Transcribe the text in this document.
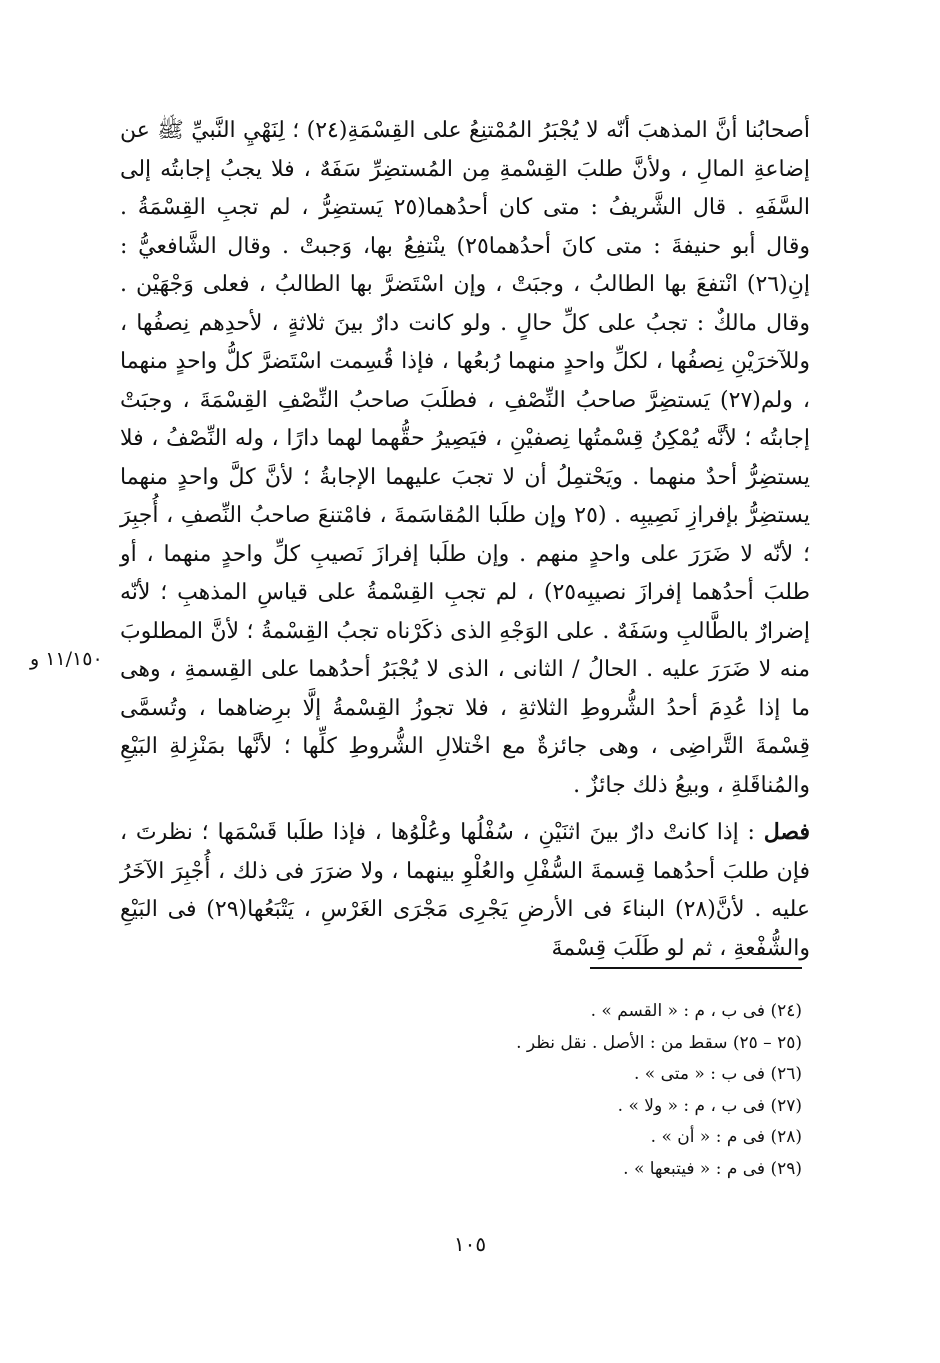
أصحابُنا أنَّ المذهبَ أنّه لا يُجْبَرُ المُمْتنِعُ على القِسْمَةِ(٢٤) ؛ لِنَهْيِ النَّبيِّ ﷺ عن إضاعةِ المالِ ، ولأنَّ طلبَ القِسْمةِ مِن المُستضِرِّ سَفَهٌ ، فلا يجبُ إجابتُه إلى السَّفَهِ . قال الشَّريفُ : متى كان أحدُهما(٢٥ يَستضِرُّ ، لم تجبِ القِسْمَةُ . وقال أبو حنيفةَ : متى كانَ أحدُهما٢٥) ينْتفِعُ بها، وَجبتْ . وقال الشَّافعيُّ : إنِ(٢٦) انْتفعَ بها الطالبُ ، وجبَتْ ، وإن اسْتَضرَّ بها الطالبُ ، فعلى وَجْهَيْن . وقال مالكٌ : تجبُ على كلِّ حالٍ . ولو كانت دارٌ بينَ ثلاثةٍ ، لأحدِهم نِصفُها ، وللآخرَيْنِ نِصفُها ، لكلِّ واحدٍ منهما رُبعُها ، فإذا قُسِمت اسْتَضرَّ كلُّ واحدٍ منهما ، ولم(٢٧) يَستضِرَّ صاحبُ النِّصْفِ ، فطلَبَ صاحبُ النِّصْفِ القِسْمَةَ ، وجبَتْ إجابتُه ؛ لأنَّه يُمْكِنُ قِسْمتُها نِصفيْنِ ، فيَصِيرُ حقُّهما لهما دارًا ، وله النِّصْفُ ، فلا يستضِرُّ أحدٌ منهما . ويَحْتمِلُ أن لا تجبَ عليهما الإجابةُ ؛ لأنَّ كلَّ واحدٍ منهما يستضِرُّ بإفرازِ نَصِيبِه . (٢٥ وإن طلَبا المُقاسَمةَ ، فامْتنعَ صاحبُ النِّصفِ ، أُجبِرَ ؛ لأنّه لا ضَرَرَ على واحدٍ منهم . وإن طلَبا إفرازَ نَصيبِ كلِّ واحدٍ منهما ، أو طلبَ أحدُهما إفرازَ نصيبِه٢٥) ، لم تجبِ القِسْمةُ على قياسِ المذهبِ ؛ لأنّه إضرارٌ بالطَّالبِ وسَفَهٌ . على الوَجْهِ الذى ذكَرْناه تجبُ القِسْمةُ ؛ لأنَّ المطلوبَ منه لا ضَرَرَ عليه . الحالُ / الثانى ، الذى لا يُجْبَرُ أحدُهما على القِسمةِ ، وهى ما إذا عُدِمَ أحدُ الشُّروطِ الثلاثةِ ، فلا تجوزُ القِسْمةُ إلَّا برِضاهما ، وتُسمَّى قِسْمةَ التَّراضِى ، وهى جائزةٌ مع اخْتلالِ الشُّروطِ كلِّها ؛ لأنَّها بمَنْزِلةِ البَيْعِ والمُناقَلةِ ، وبيعُ ذلك جائزٌ .

فصل : إذا كانتْ دارٌ بينَ اثنَيْنِ ، سُفْلُها وعُلْوُها ، فإذا طلَبا قَسْمَها ؛ نظرتَ ، فإن طلبَ أحدُهما قِسمةَ السُّفْلِ والعُلْوِ بينهما ، ولا ضرَرَ فى ذلك ، أُجْبِرَ الآخَرُ عليه . لأنَّ(٢٨) البناءَ فى الأرضِ يَجْرِى مَجْرَى الغَرْسِ ، يَتْبَعُها(٢٩) فى البَيْعِ والشُّفْعةِ ، ثم لو طَلَبَ قِسْمةَ

١١/١٥٠ و
(٢٤) فى ب ، م : « القسم » .
(٢٥ – ٢٥) سقط من : الأصل . نقل نظر .
(٢٦) فى ب : « متى » .
(٢٧) فى ب ، م : « ولا » .
(٢٨) فى م : « أن » .
(٢٩) فى م : « فيتبعها » .
١٠٥
